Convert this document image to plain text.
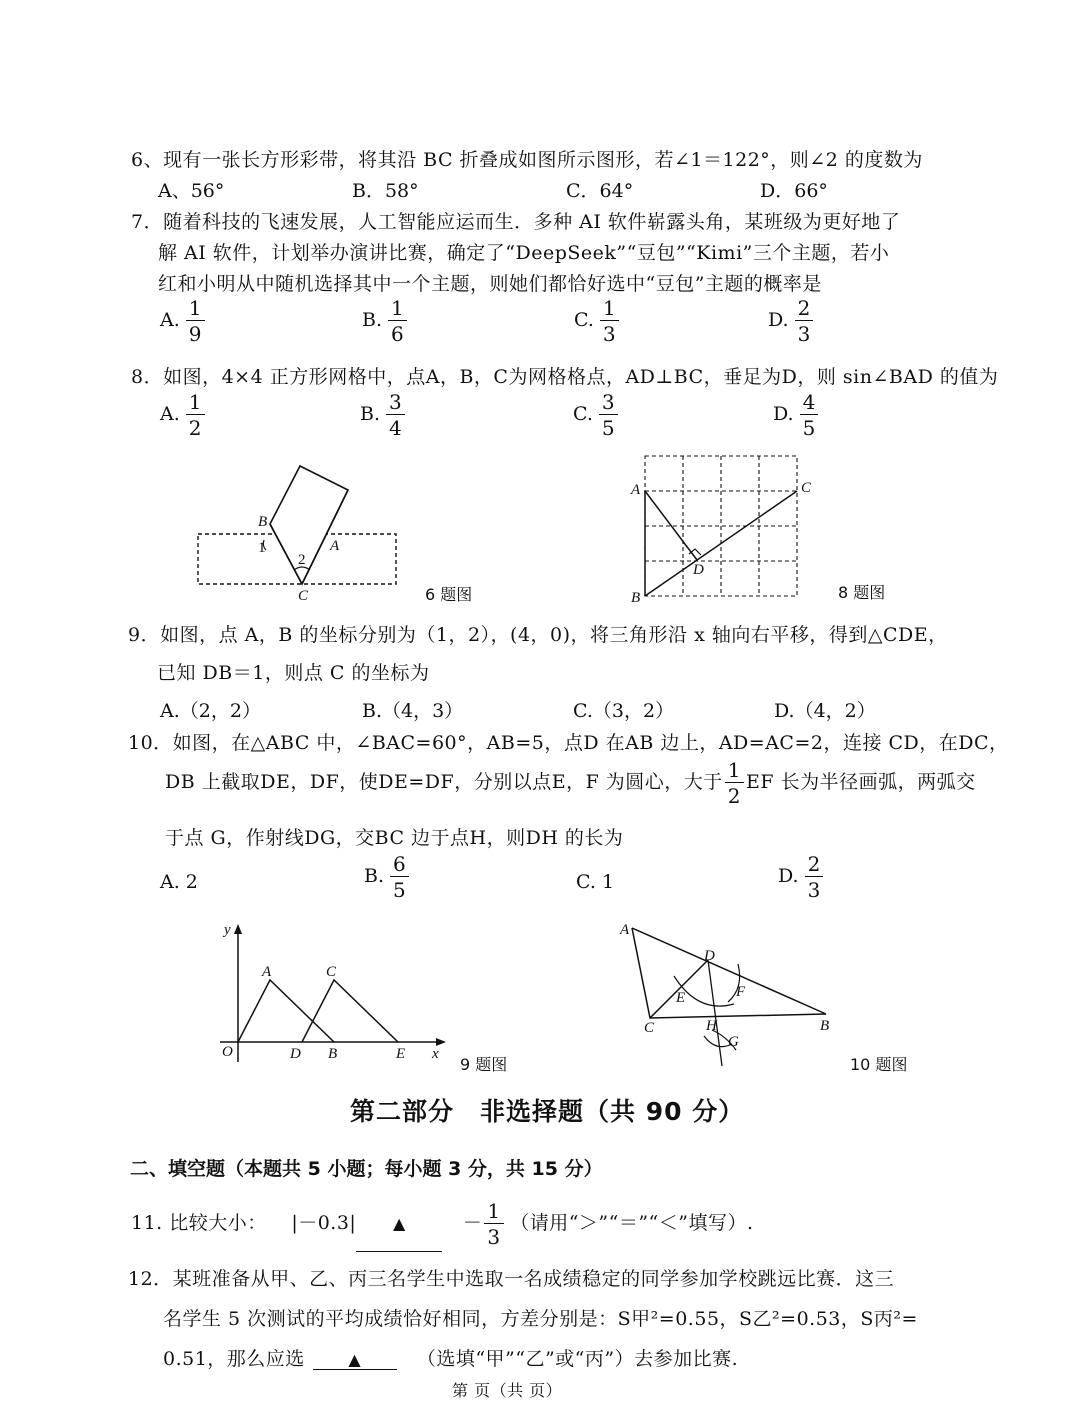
6、现有一张长方形彩带，将其沿 BC 折叠成如图所示图形，若∠1＝122°，则∠2 的度数为
A、56°	B．58°	C．64°	D．66°
7．随着科技的飞速发展，人工智能应运而生．多种 AI 软件崭露头角，某班级为更好地了
解 AI 软件，计划举办演讲比赛，确定了“DeepSeek”“豆包”“Kimi”三个主题，若小
红和小明从中随机选择其中一个主题，则她们都恰好选中“豆包”主题的概率是
A. $\frac{1}{9}$	B. $\frac{1}{6}$	C. $\frac{1}{3}$	D. $\frac{2}{3}$
8．如图，4×4 正方形网格中，点A，B，C为网格格点，AD⊥BC，垂足为D，则 sin∠BAD 的值为
A. $\frac{1}{2}$	B. $\frac{3}{4}$	C. $\frac{3}{5}$	D. $\frac{4}{5}$
B
1
2
A
C	6 题图
A	C
D
B	8 题图
9．如图，点 A，B 的坐标分别为（1，2），(4，0)，将三角形沿 x 轴向右平移，得到△CDE，
已知 DB＝1，则点 C 的坐标为
A.（2，2）	B.（4，3）	C.（3，2）	D.（4，2）
10．如图，在△ABC 中，∠BAC=60°，AB=5，点D 在AB 边上，AD=AC=2，连接 CD，在DC，
DB 上截取DE，DF，使DE=DF，分别以点E，F 为圆心，大于 $\frac{1}{2}$ EF 长为半径画弧，两弧交
于点 G，作射线DG，交BC 边于点H，则DH 的长为
A. 2	B. $\frac{6}{5}$	C. 1	D. $\frac{2}{3}$
y
O
A	C
D B	E x
9 题图
A
D
E	F
C	H	B
G
10 题图
第二部分　非选择题（共 90 分）
二、填空题（本题共 5 小题；每小题 3 分，共 15 分）
11. 比较大小： |－0.3| ▲	－ $\frac{1}{3}$ （请用“＞”“＝”“＜”填写）.
12．某班准备从甲、乙、丙三名学生中选取一名成绩稳定的同学参加学校跳远比赛．这三
名学生 5 次测试的平均成绩恰好相同，方差分别是：S甲²=0.55，S乙²=0.53，S丙²=
0.51，那么应选	▲	（选填“甲”“乙”或“丙”）去参加比赛.
第 页（共 页）
